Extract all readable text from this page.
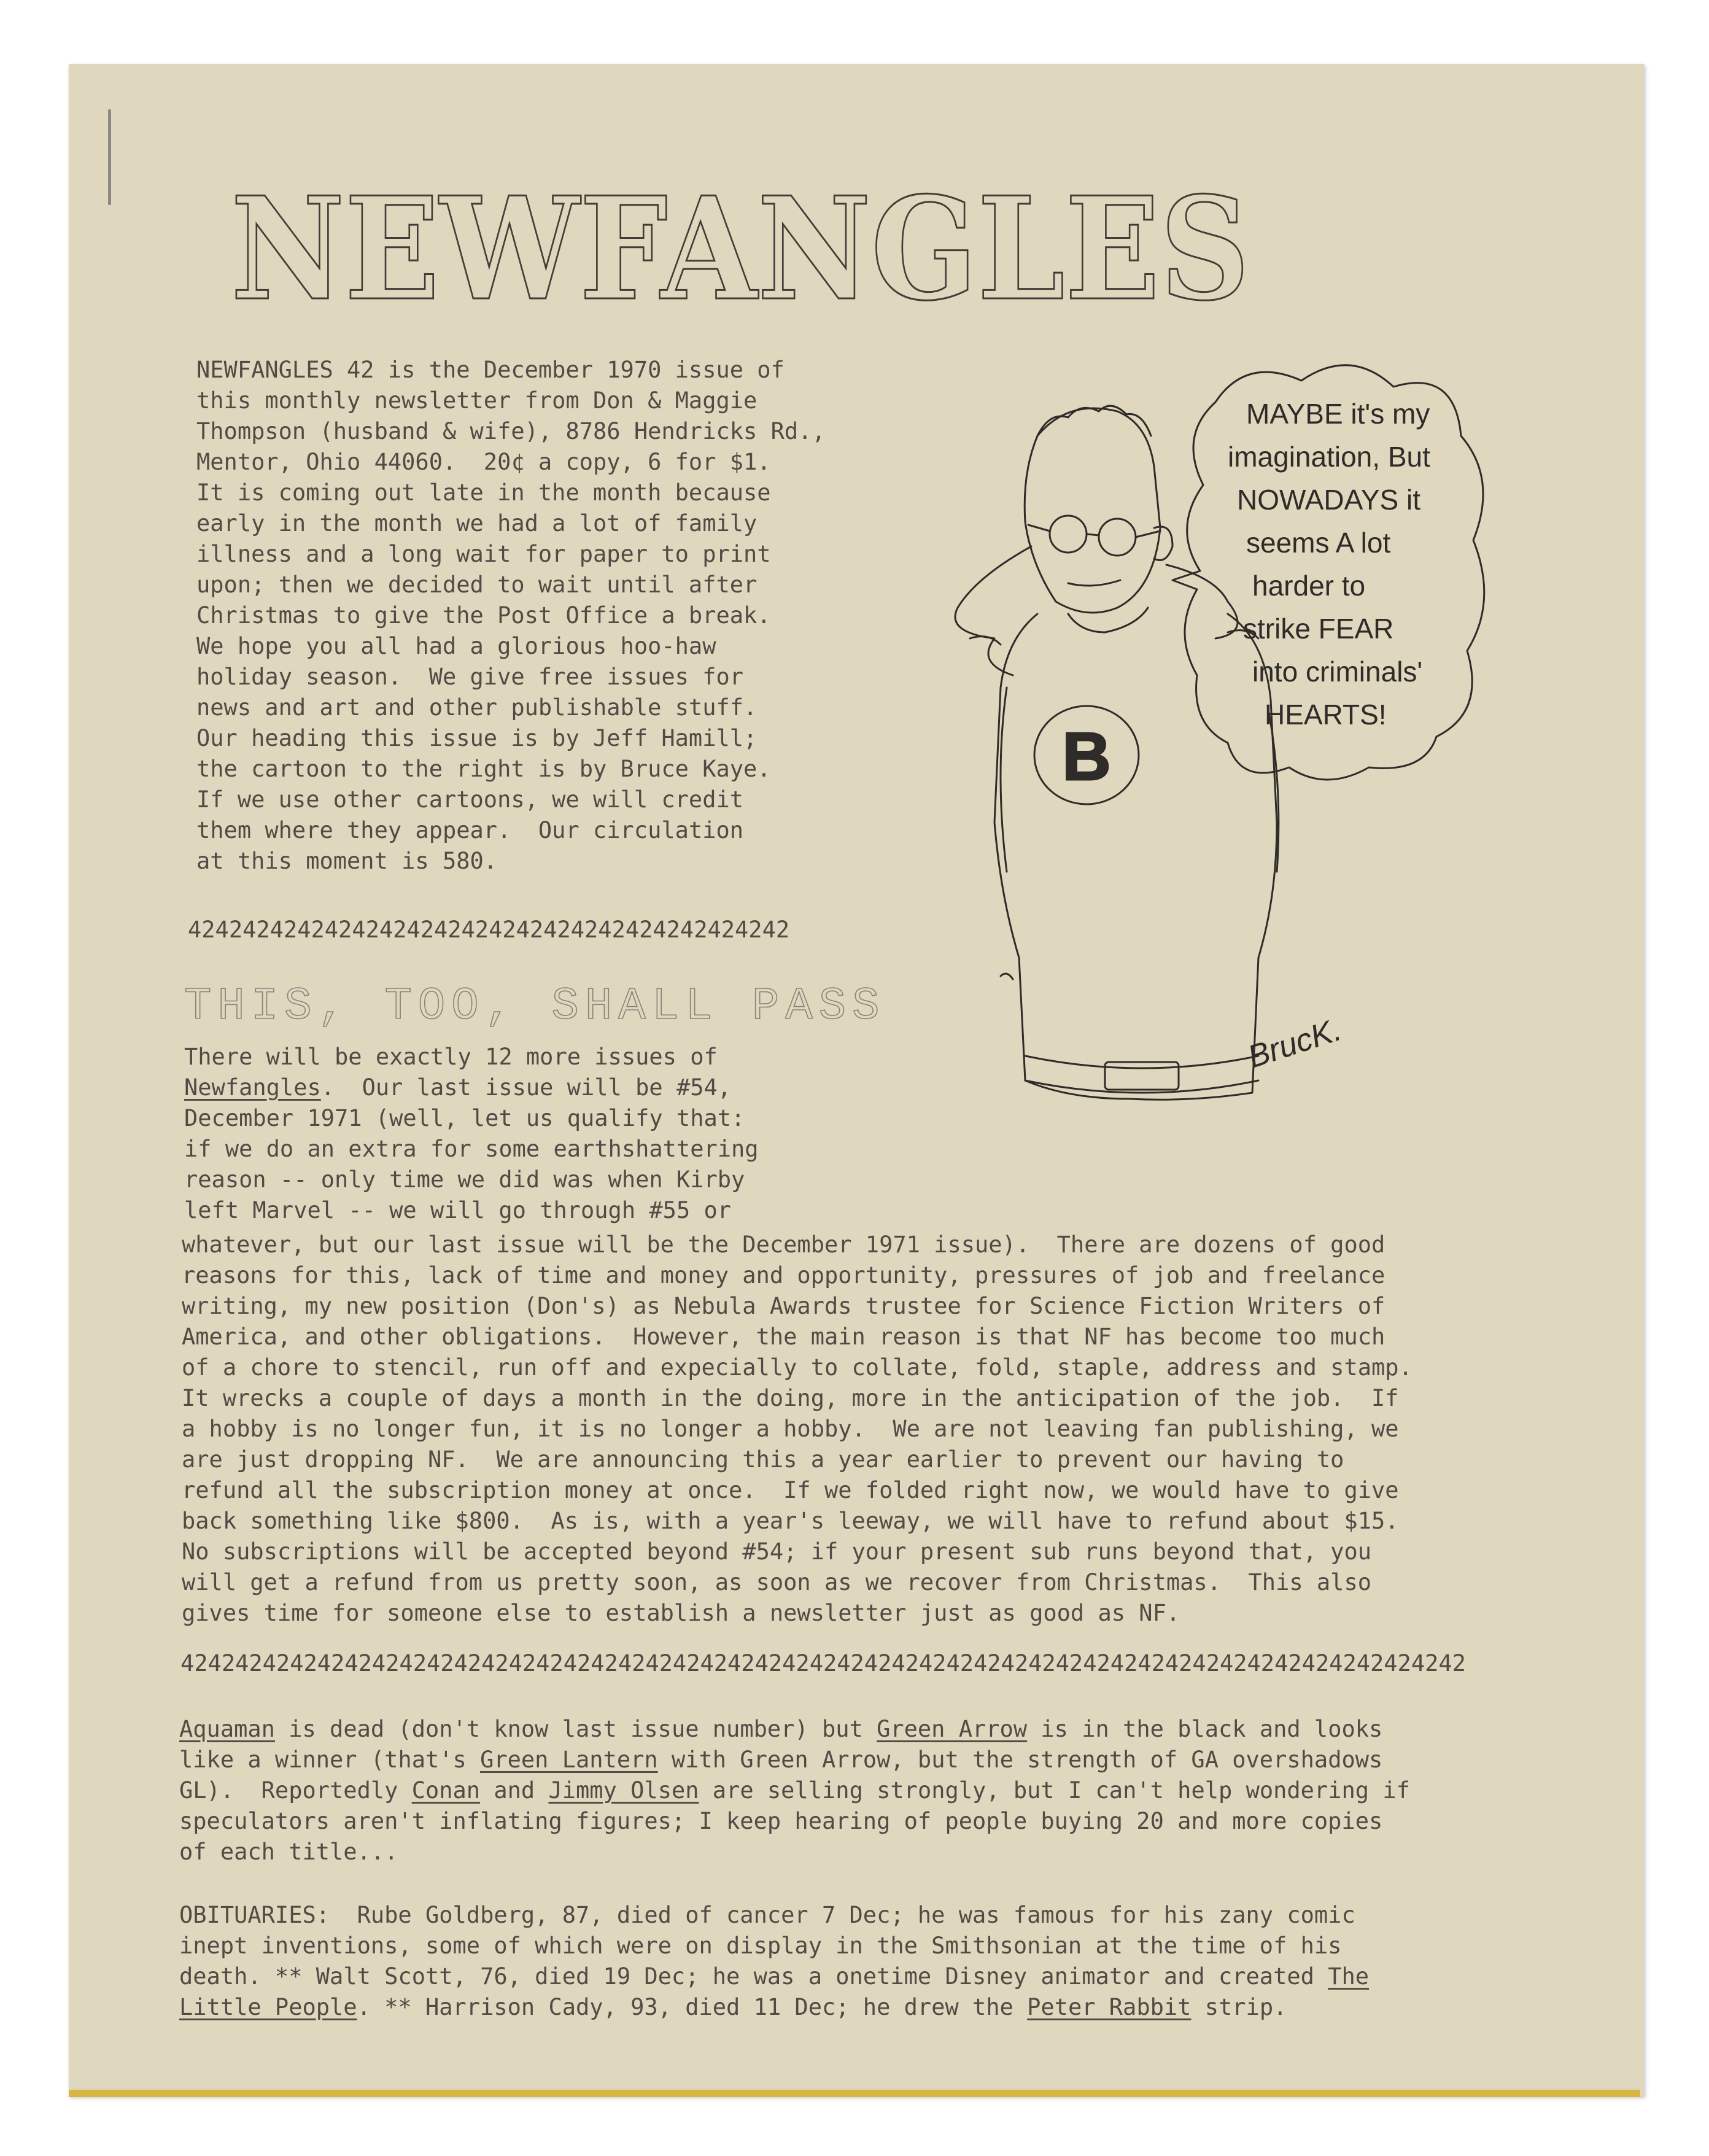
NEWFANGLES
NEWFANGLES 42 is the December 1970 issue of
this monthly newsletter from Don & Maggie
Thompson (husband & wife), 8786 Hendricks Rd.,
Mentor, Ohio 44060.  20¢ a copy, 6 for $1.
It is coming out late in the month because
early in the month we had a lot of family
illness and a long wait for paper to print
upon; then we decided to wait until after
Christmas to give the Post Office a break.
We hope you all had a glorious hoo-haw
holiday season.  We give free issues for
news and art and other publishable stuff.
Our heading this issue is by Jeff Hamill;
the cartoon to the right is by Bruce Kaye.
If we use other cartoons, we will credit
them where they appear.  Our circulation
at this moment is 580.
42424242424242424242424242424242424242424242
THIS, TOO, SHALL PASS
There will be exactly 12 more issues of
Newfangles.  Our last issue will be #54,
December 1971 (well, let us qualify that:
if we do an extra for some earthshattering
reason -- only time we did was when Kirby
left Marvel -- we will go through #55 or
whatever, but our last issue will be the December 1971 issue).  There are dozens of good
reasons for this, lack of time and money and opportunity, pressures of job and freelance
writing, my new position (Don's) as Nebula Awards trustee for Science Fiction Writers of
America, and other obligations.  However, the main reason is that NF has become too much
of a chore to stencil, run off and expecially to collate, fold, staple, address and stamp.
It wrecks a couple of days a month in the doing, more in the anticipation of the job.  If
a hobby is no longer fun, it is no longer a hobby.  We are not leaving fan publishing, we
are just dropping NF.  We are announcing this a year earlier to prevent our having to
refund all the subscription money at once.  If we folded right now, we would have to give
back something like $800.  As is, with a year's leeway, we will have to refund about $15.
No subscriptions will be accepted beyond #54; if your present sub runs beyond that, you
will get a refund from us pretty soon, as soon as we recover from Christmas.  This also
gives time for someone else to establish a newsletter just as good as NF.
4242424242424242424242424242424242424242424242424242424242424242424242424242424242424242424242
Aquaman is dead (don't know last issue number) but Green Arrow is in the black and looks
like a winner (that's Green Lantern with Green Arrow, but the strength of GA overshadows
GL).  Reportedly Conan and Jimmy Olsen are selling strongly, but I can't help wondering if
speculators aren't inflating figures; I keep hearing of people buying 20 and more copies
of each title...
OBITUARIES:  Rube Goldberg, 87, died of cancer 7 Dec; he was famous for his zany comic
inept inventions, some of which were on display in the Smithsonian at the time of his
death. ** Walt Scott, 76, died 19 Dec; he was a onetime Disney animator and created The
Little People. ** Harrison Cady, 93, died 11 Dec; he drew the Peter Rabbit strip.
B
MAYBE it's my
imagination, But
NOWADAYS it
seems A lot
harder to
strike FEAR
into criminals'
HEARTS!
BrucK.
